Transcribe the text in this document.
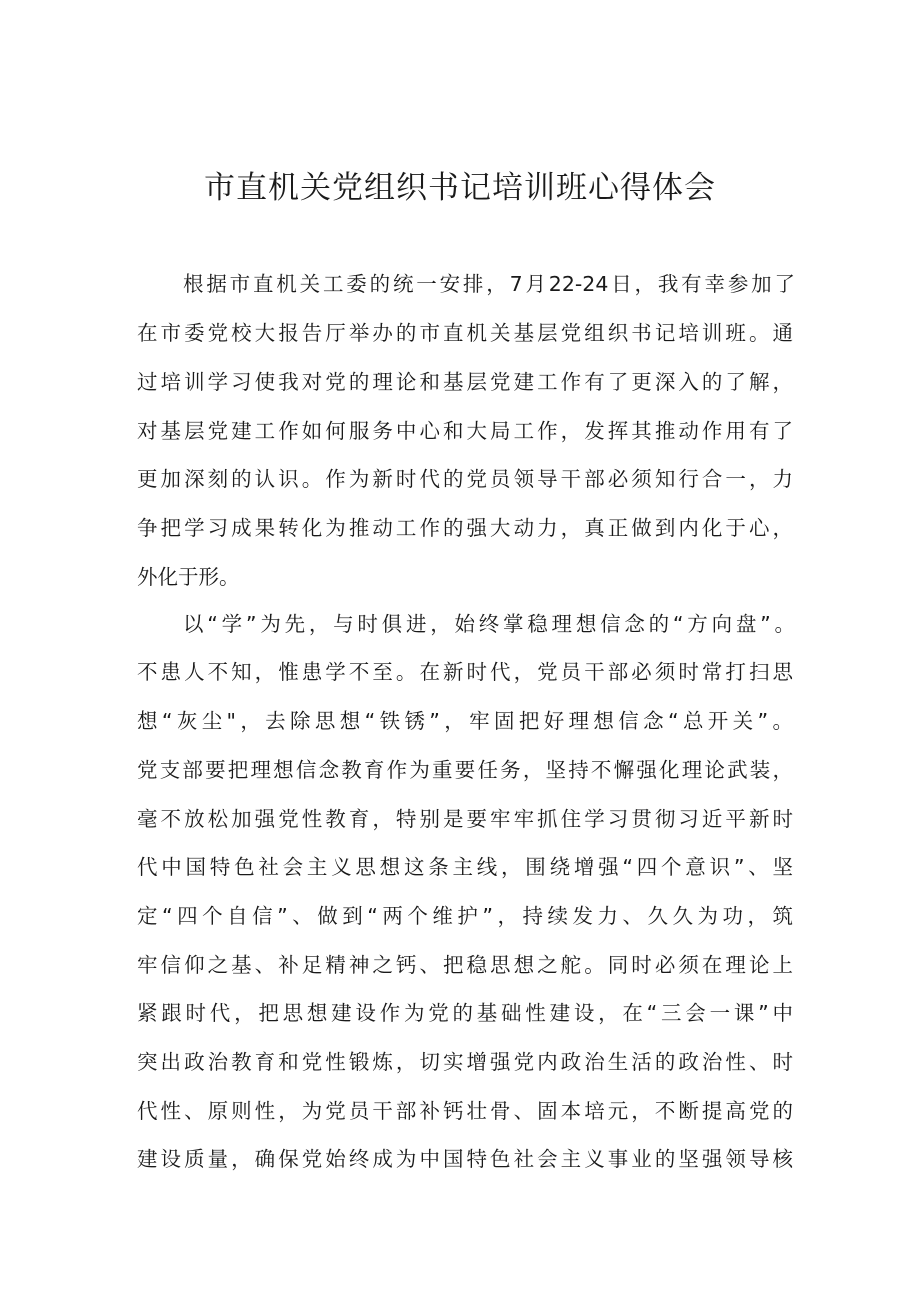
市直机关党组织书记培训班心得体会
根据市直机关工委的统一安排，7月22-24日，我有幸参加了
在市委党校大报告厅举办的市直机关基层党组织书记培训班。通
过培训学习使我对党的理论和基层党建工作有了更深入的了解，
对基层党建工作如何服务中心和大局工作，发挥其推动作用有了
更加深刻的认识。作为新时代的党员领导干部必须知行合一，力
争把学习成果转化为推动工作的强大动力，真正做到内化于心，
外化于形。
以“学”为先，与时俱进，始终掌稳理想信念的“方向盘”。
不患人不知，惟患学不至。在新时代，党员干部必须时常打扫思
想“灰尘"，去除思想“铁锈”，牢固把好理想信念“总开关”。
党支部要把理想信念教育作为重要任务，坚持不懈强化理论武装，
毫不放松加强党性教育，特别是要牢牢抓住学习贯彻习近平新时
代中国特色社会主义思想这条主线，围绕增强“四个意识”、坚
定“四个自信”、做到“两个维护”，持续发力、久久为功，筑
牢信仰之基、补足精神之钙、把稳思想之舵。同时必须在理论上
紧跟时代，把思想建设作为党的基础性建设，在“三会一课”中
突出政治教育和党性锻炼，切实增强党内政治生活的政治性、时
代性、原则性，为党员干部补钙壮骨、固本培元，不断提高党的
建设质量，确保党始终成为中国特色社会主义事业的坚强领导核
